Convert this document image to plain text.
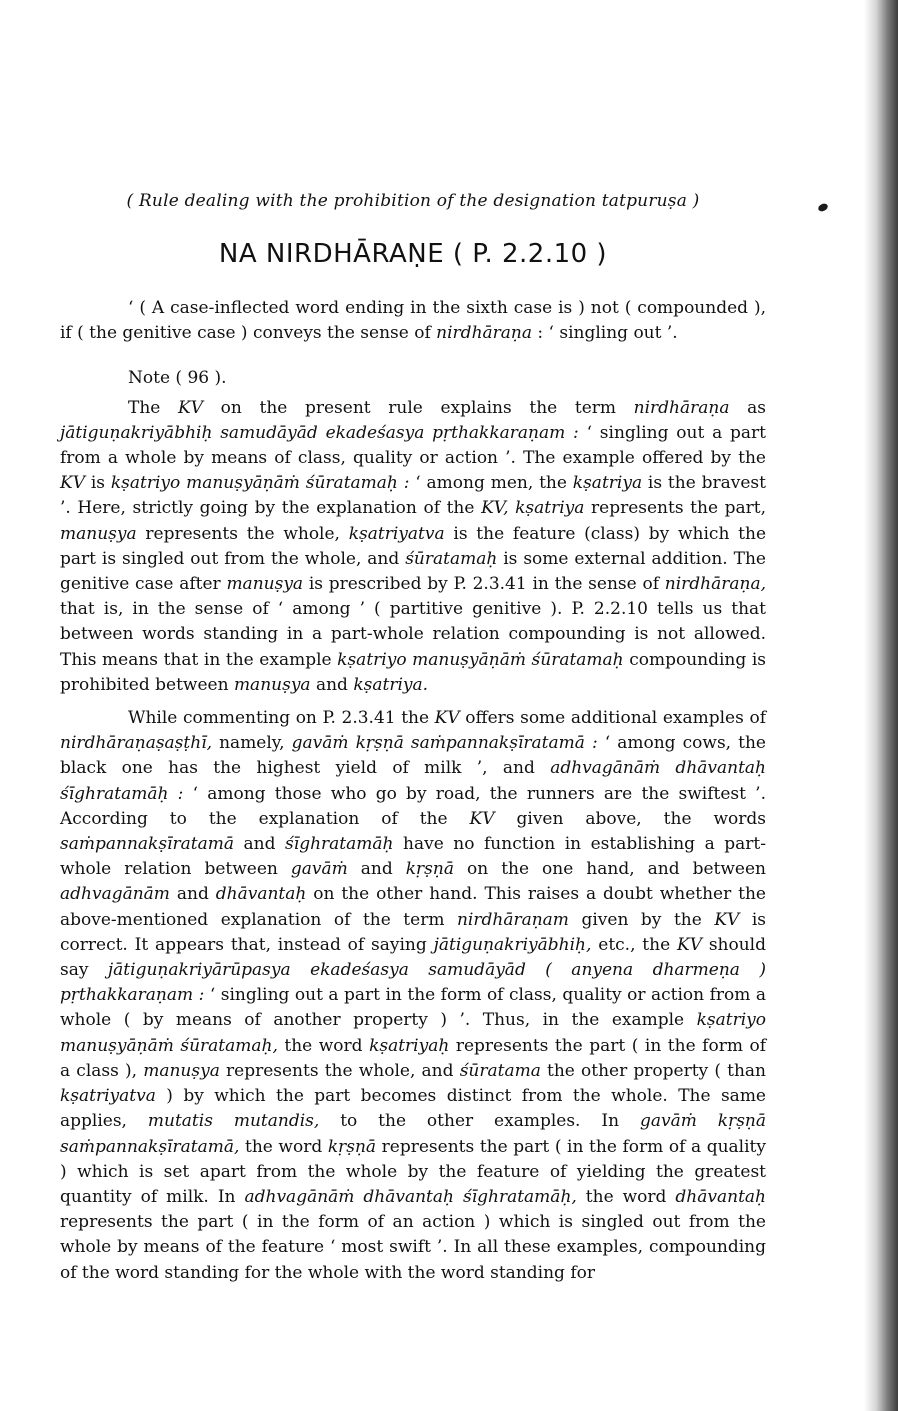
( Rule dealing with the prohibition of the designation tatpuruṣa )

NA NIRDHĀRAṆE ( P. 2.2.10 )

‘ ( A case-inflected word ending in the sixth case is ) not ( compounded ), if ( the genitive case ) conveys the sense of nirdhāraṇa : ‘ singling out ’.

Note ( 96 ).

The KV on the present rule explains the term nirdhāraṇa as jātiguṇakriyābhiḥ samudāyād ekadeśasya pṛthakkaraṇam : ‘ singling out a part from a whole by means of class, quality or action ’. The example offered by the KV is kṣatriyo manuṣyāṇāṁ śūratamaḥ : ‘ among men, the kṣatriya is the bravest ’. Here, strictly going by the explanation of the KV, kṣatriya represents the part, manuṣya represents the whole, kṣatriyatva is the feature (class) by which the part is singled out from the whole, and śūratamaḥ is some external addition. The genitive case after manuṣya is prescribed by P. 2.3.41 in the sense of nirdhāraṇa, that is, in the sense of ‘ among ’ ( partitive genitive ). P. 2.2.10 tells us that between words standing in a part-whole relation compounding is not allowed. This means that in the example kṣatriyo manuṣyāṇāṁ śūratamaḥ compounding is prohibited between manuṣya and kṣatriya.

While commenting on P. 2.3.41 the KV offers some additional examples of nirdhāraṇaṣaṣṭhī, namely, gavāṁ kṛṣṇā saṁpannakṣīratamā : ‘ among cows, the black one has the highest yield of milk ’, and adhvagānāṁ dhāvantaḥ śīghratamāḥ : ‘ among those who go by road, the runners are the swiftest ’. According to the explanation of the KV given above, the words saṁpannakṣīratamā and śīghratamāḥ have no function in establishing a part-whole relation between gavāṁ and kṛṣṇā on the one hand, and between adhvagānām and dhāvantaḥ on the other hand. This raises a doubt whether the above-mentioned explanation of the term nirdhāraṇam given by the KV is correct. It appears that, instead of saying jātiguṇakriyābhiḥ, etc., the KV should say jātiguṇakriyārūpasya ekadeśasya samudāyād ( anyena dharmeṇa ) pṛthakkaraṇam : ‘ singling out a part in the form of class, quality or action from a whole ( by means of another property ) ’. Thus, in the example kṣatriyo manuṣyāṇāṁ śūratamaḥ, the word kṣatriyaḥ represents the part ( in the form of a class ), manuṣya represents the whole, and śūratama the other property ( than kṣatriyatva ) by which the part becomes distinct from the whole. The same applies, mutatis mutandis, to the other examples. In gavāṁ kṛṣṇā saṁpannakṣīratamā, the word kṛṣṇā represents the part ( in the form of a quality ) which is set apart from the whole by the feature of yielding the greatest quantity of milk. In adhvagānāṁ dhāvantaḥ śīghratamāḥ, the word dhāvantaḥ represents the part ( in the form of an action ) which is singled out from the whole by means of the feature ‘ most swift ’. In all these examples, compounding of the word standing for the whole with the word standing for
